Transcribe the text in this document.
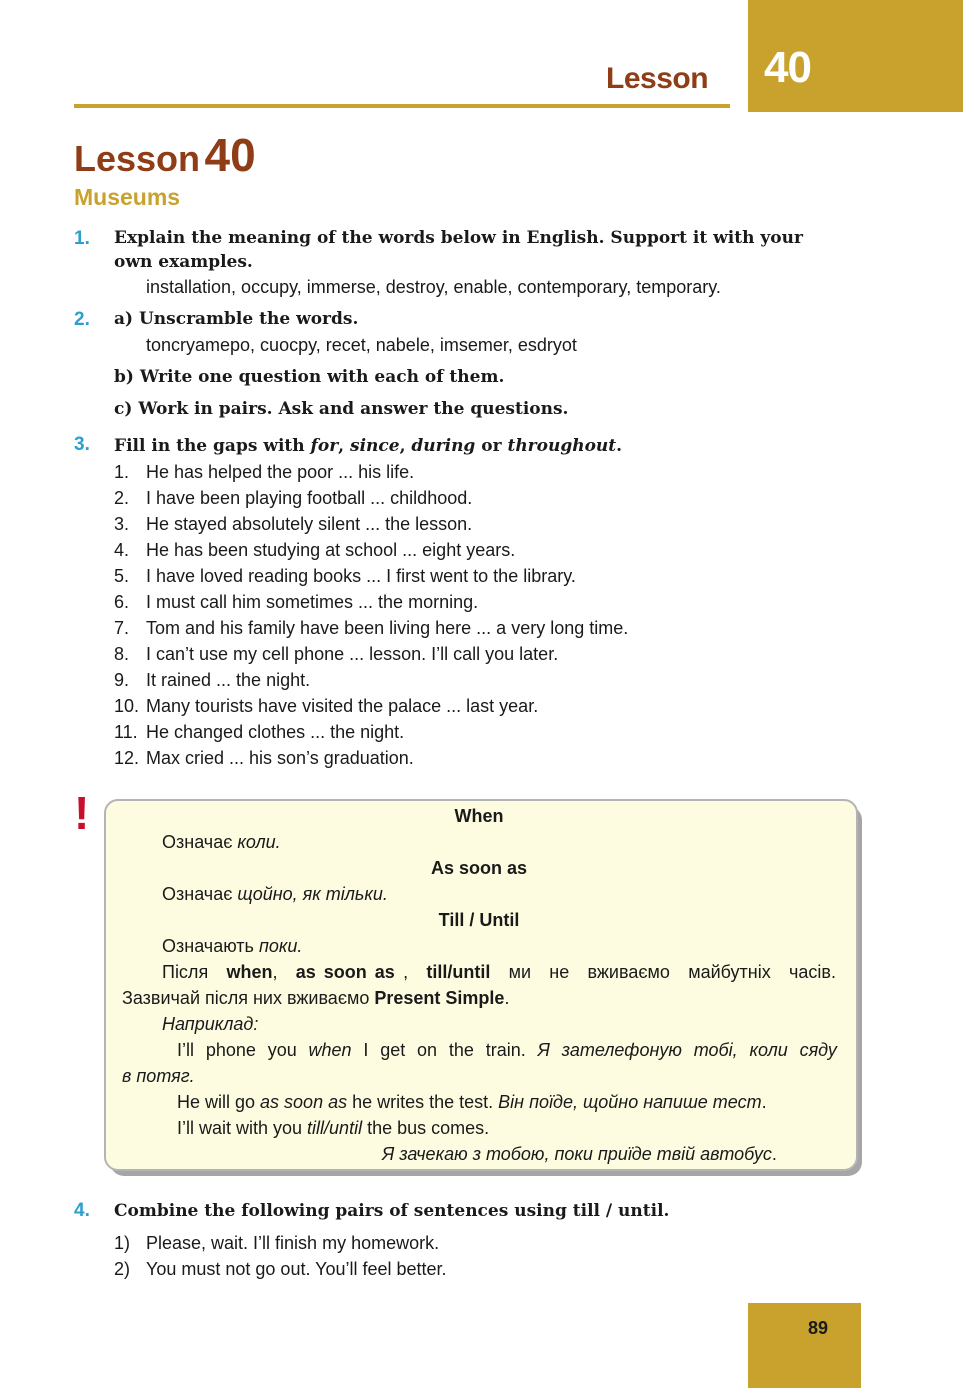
40
Lesson
Lesson 40
Museums
1. Explain the meaning of the words below in English. Support it with your
own examples.
installation, occupy, immerse, destroy, enable, contemporary, temporary.
2. a) Unscramble the words.
toncryamepo, cuocpy, recet, nabele, imsemer, esdryot
b) Write one question with each of them.
c) Work in pairs. Ask and answer the questions.
3. Fill in the gaps with for, since, during or throughout.
1. He has helped the poor ... his life.
2. I have been playing football ... childhood.
3. He stayed absolutely silent ... the lesson.
4. He has been studying at school ... eight years.
5. I have loved reading books ... I first went to the library.
6. I must call him sometimes ... the morning.
7. Tom and his family have been living here ... a very long time.
8. I can’t use my cell phone ... lesson. I’ll call you later.
9. It rained ... the night.
10. Many tourists have visited the palace ... last year.
11. He changed clothes ... the night.
12. Max cried ... his son’s graduation.
!	When
Означає коли.
As soon as
Означає щойно, як тільки.
Till / Until
Означають поки.
Після when, as soon as , till/until ми не вживаємо майбутніх часів.
Зазвичай після них вживаємо Present Simple.
Наприклад:
I’ll phone you when I get on the train. Я зателефоную тобі, коли сяду
в потяг.
He will go as soon as he writes the test. Він поїде, щойно напише тест.
I’ll wait with you till/until the bus comes.
Я зачекаю з тобою, поки приїде твій автобус.
4. Combine the following pairs of sentences using till / until.
1) Please, wait. I’ll finish my homework.
2) You must not go out. You’ll feel better.
89
